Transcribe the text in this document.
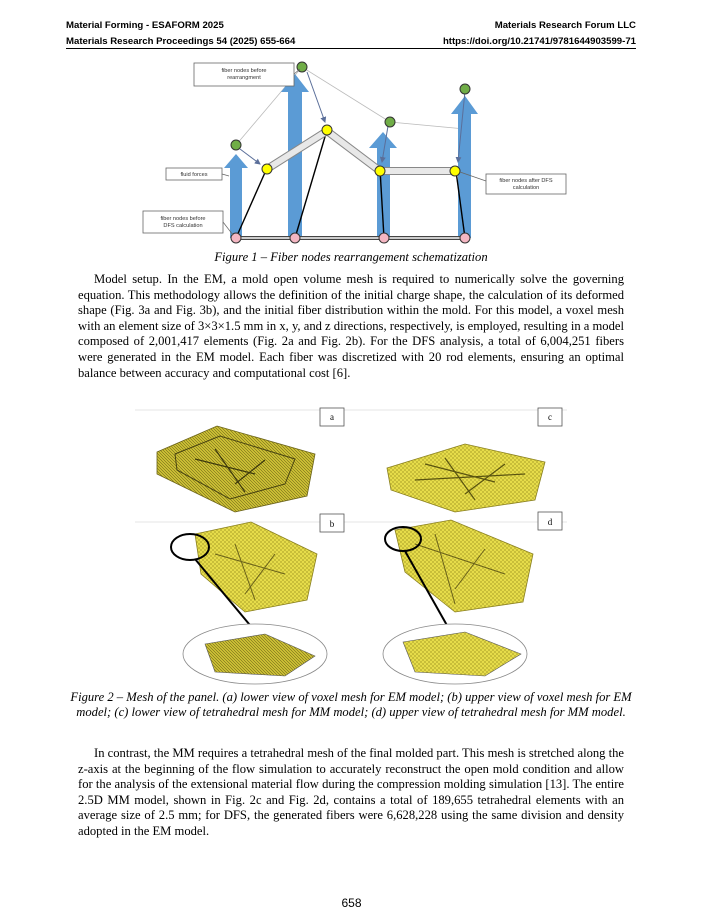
Material Forming - ESAFORM 2025	Materials Research Forum LLC
Materials Research Proceedings 54 (2025) 655-664	https://doi.org/10.21741/9781644903599-71
fiber nodes before rearrangment
fluid forces
fiber nodes before DFS calculation
fiber nodes after DFS calculation
Figure 1 – Fiber nodes rearrangement schematization

Model setup. In the EM, a mold open volume mesh is required to numerically solve the governing equation. This methodology allows the definition of the initial charge shape, the calculation of its deformed shape (Fig. 3a and Fig. 3b), and the initial fiber distribution within the mold. For this model, a voxel mesh with an element size of 3×3×1.5 mm in x, y, and z directions, respectively, is employed, resulting in a model composed of 2,001,417 elements (Fig. 2a and Fig. 2b). For the DFS analysis, a total of 6,004,251 fibers were generated in the EM model. Each fiber was discretized with 20 rod elements, ensuring an optimal balance between accuracy and computational cost [6].

a	c
b	d
Figure 2 – Mesh of the panel. (a) lower view of voxel mesh for EM model; (b) upper view of voxel mesh for EM model; (c) lower view of tetrahedral mesh for MM model; (d) upper view of tetrahedral mesh for MM model.

In contrast, the MM requires a tetrahedral mesh of the final molded part. This mesh is stretched along the z-axis at the beginning of the flow simulation to accurately reconstruct the open mold condition and allow for the analysis of the extensional material flow during the compression molding simulation [13]. The entire 2.5D MM model, shown in Fig. 2c and Fig. 2d, contains a total of 189,655 tetrahedral elements with an average size of 2.5 mm; for DFS, the generated fibers were 6,628,228 using the same division and density adopted in the EM model.

658
